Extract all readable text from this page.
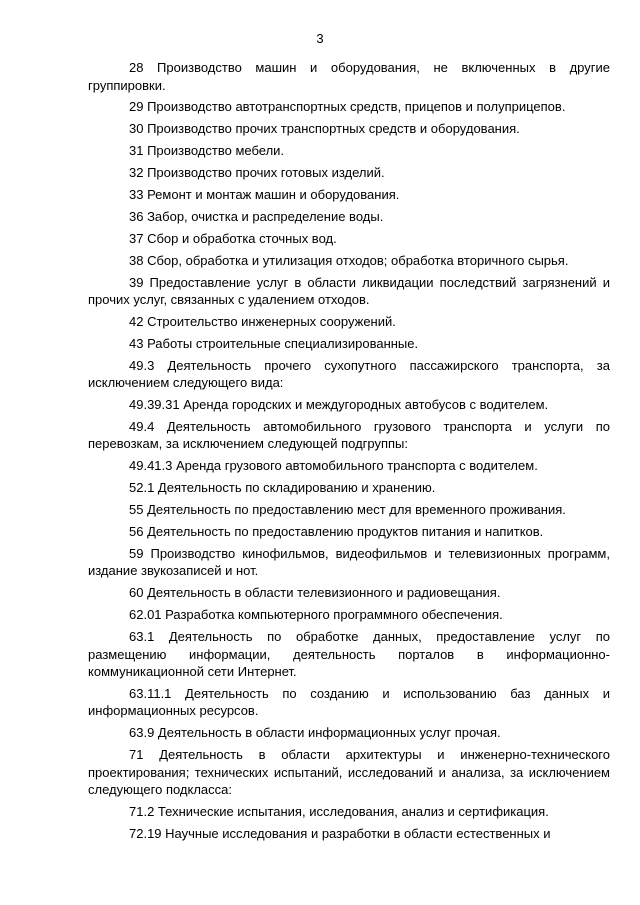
3

28 Производство машин и оборудования, не включенных в другие группировки.

29 Производство автотранспортных средств, прицепов и полуприцепов.

30 Производство прочих транспортных средств и оборудования.

31 Производство мебели.

32 Производство прочих готовых изделий.

33 Ремонт и монтаж машин и оборудования.

36 Забор, очистка и распределение воды.

37 Сбор и обработка сточных вод.

38 Сбор, обработка и утилизация отходов; обработка вторичного сырья.

39 Предоставление услуг в области ликвидации последствий загрязнений и прочих услуг, связанных с удалением отходов.

42 Строительство инженерных сооружений.

43 Работы строительные специализированные.

49.3 Деятельность прочего сухопутного пассажирского транспорта, за исключением следующего вида:

49.39.31 Аренда городских и междугородных автобусов с водителем.

49.4 Деятельность автомобильного грузового транспорта и услуги по перевозкам, за исключением следующей подгруппы:

49.41.3 Аренда грузового автомобильного транспорта с водителем.

52.1 Деятельность по складированию и хранению.

55 Деятельность по предоставлению мест для временного проживания.

56 Деятельность по предоставлению продуктов питания и напитков.

59 Производство кинофильмов, видеофильмов и телевизионных программ, издание звукозаписей и нот.

60 Деятельность в области телевизионного и радиовещания.

62.01 Разработка компьютерного программного обеспечения.

63.1 Деятельность по обработке данных, предоставление услуг по размещению информации, деятельность порталов в информационно-коммуникационной сети Интернет.

63.11.1 Деятельность по созданию и использованию баз данных и информационных ресурсов.

63.9 Деятельность в области информационных услуг прочая.

71 Деятельность в области архитектуры и инженерно-технического проектирования; технических испытаний, исследований и анализа, за исключением следующего подкласса:

71.2 Технические испытания, исследования, анализ и сертификация.

72.19 Научные исследования и разработки в области естественных и
